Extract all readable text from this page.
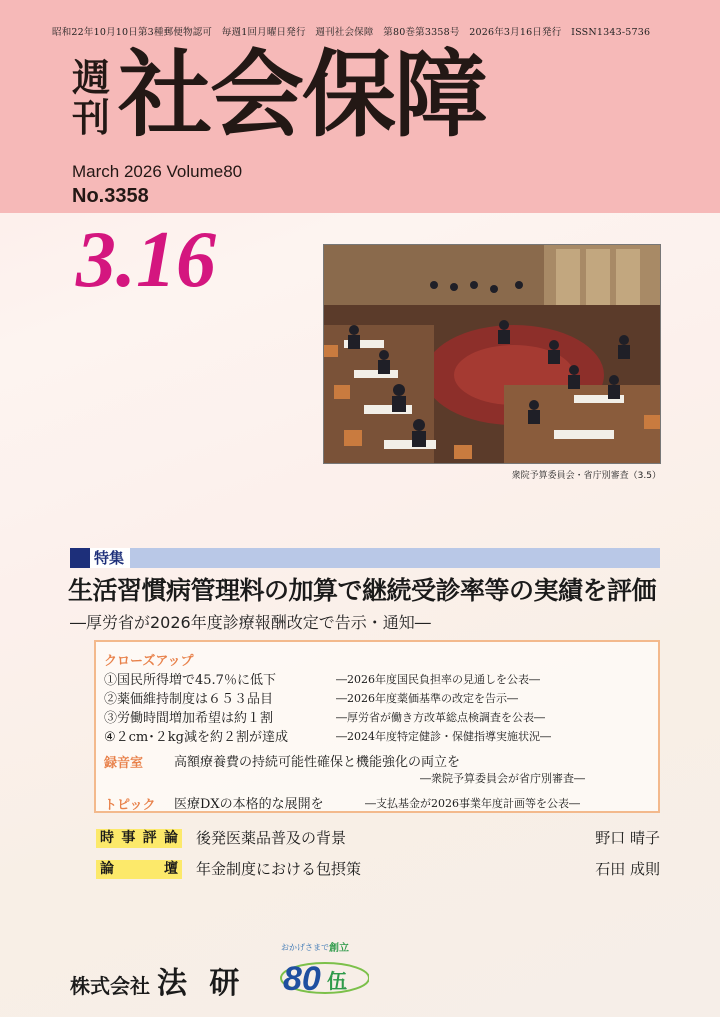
昭和22年10月10日第3種郵便物認可　毎週1回月曜日発行　週刊社会保障　第80巻第3358号　2026年3月16日発行　ISSN1343-5736
週刊 社会保障
March 2026 Volume80
No.3358
3.16
衆院予算委員会・省庁別審査（3.5）
特集
生活習慣病管理料の加算で継続受診率等の実績を評価
―厚労省が2026年度診療報酬改定で告示・通知―
クローズアップ
①国民所得増で45.7％に低下	―2026年度国民負担率の見通しを公表―
②薬価維持制度は６５３品目	―2026年度薬価基準の改定を告示―
③労働時間増加希望は約１割	―厚労省が働き方改革総点検調査を公表―
④２cm･２kg減を約２割が達成	―2024年度特定健診・保健指導実施状況―
録音室 高額療養費の持続可能性確保と機能強化の両立を
―衆院予算委員会が省庁別審査―
トピック 医療DXの本格的な展開を	―支払基金が2026事業年度計画等を公表―
時事評論 後発医薬品普及の背景	野口 晴子
論壇 年金制度における包摂策	石田 成則
株式会社 法 研
おかげさまで 創立
80 伍
